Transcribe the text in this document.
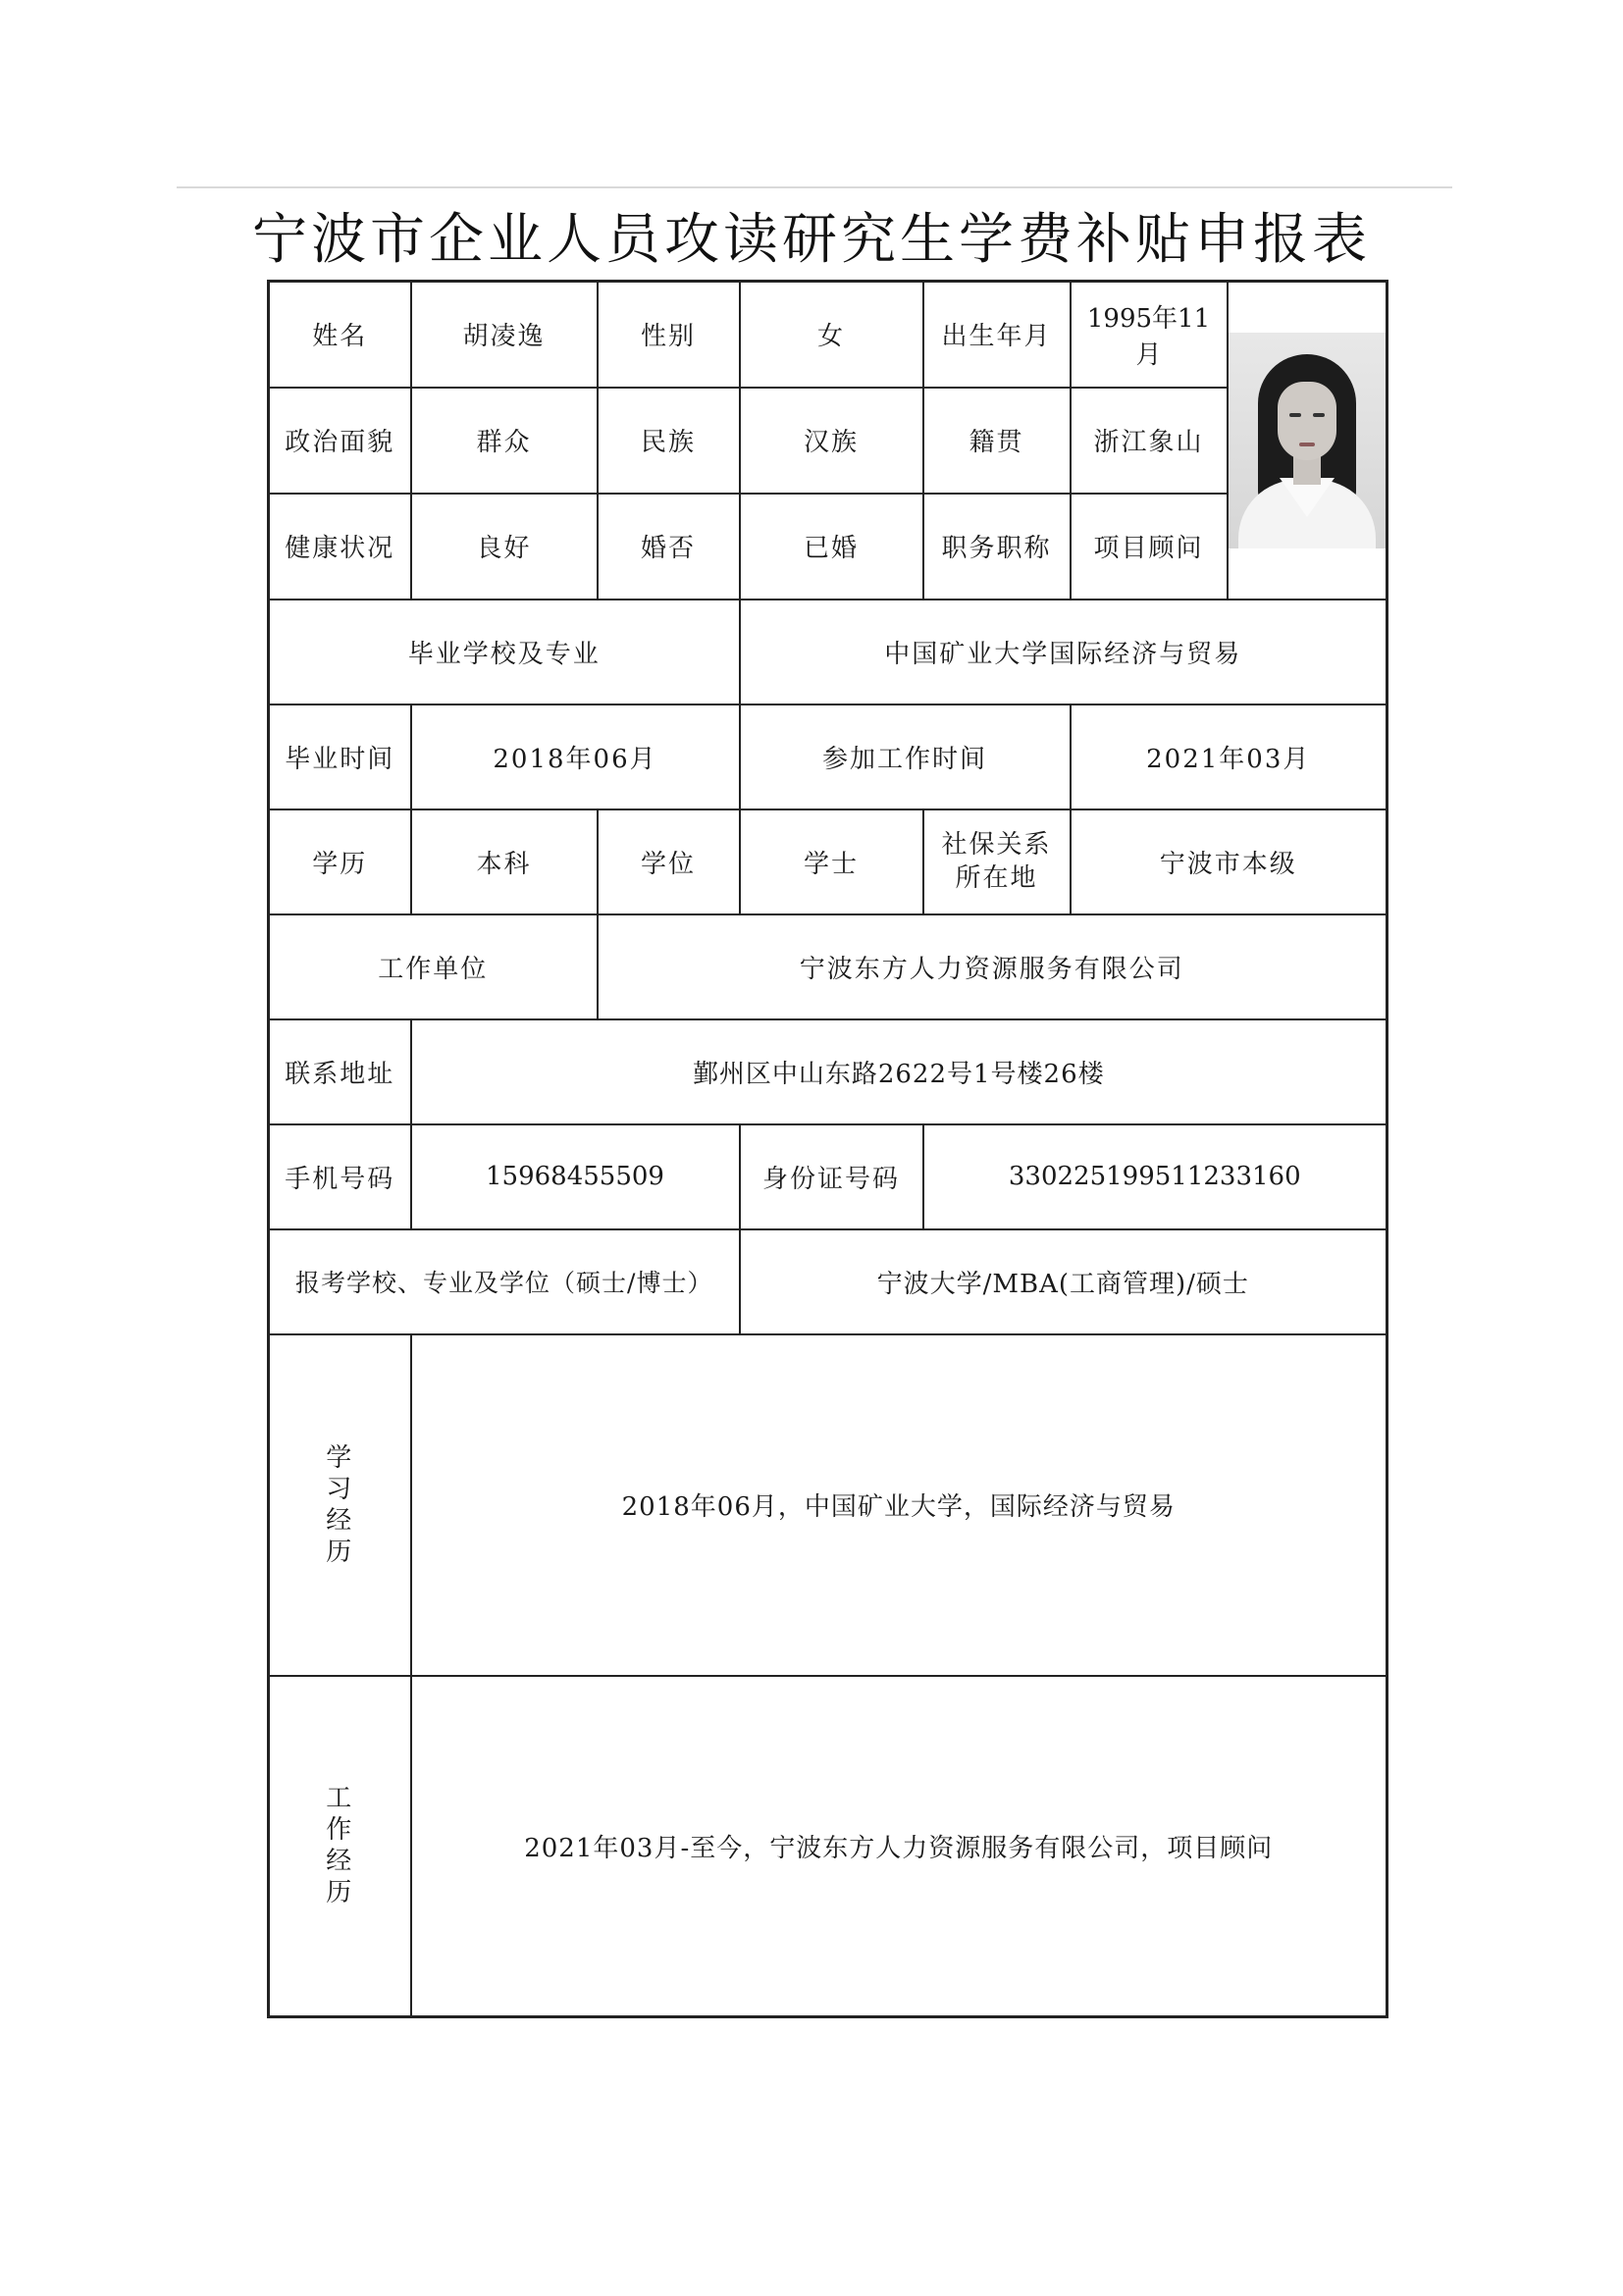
宁波市企业人员攻读研究生学费补贴申报表
姓名	胡凌逸	性别	女	出生年月	1995年11月	

政治面貌	群众	民族	汉族	籍贯	浙江象山	
健康状况	良好	婚否	已婚	职务职称	项目顾问	
毕业学校及专业			中国矿业大学国际经济与贸易			
毕业时间	2018年06月		参加工作时间		2021年03月	
学历	本科	学位	学士	社保关系所在地	宁波市本级	
工作单位		宁波东方人力资源服务有限公司				
联系地址	鄞州区中山东路2622号1号楼26楼					
手机号码	15968455509		身份证号码	330225199511233160		
报考学校、专业及学位（硕士/博士）			宁波大学/MBA(工商管理)/硕士			
学习经历	2018年06月，中国矿业大学，国际经济与贸易					
工作经历	2021年03月-至今，宁波东方人力资源服务有限公司，项目顾问					
